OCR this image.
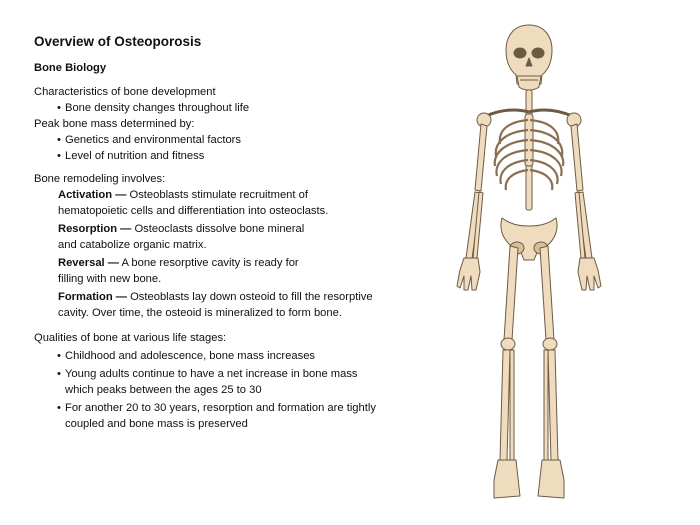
Overview of Osteoporosis
Bone Biology

Characteristics of bone development

• Bone density changes throughout life

Peak bone mass determined by:

• Genetics and environmental factors
• Level of nutrition and fitness

Bone remodeling involves:

Activation — Osteoblasts stimulate recruitment of
hematopoietic cells and differentiation into osteoclasts.

Resorption — Osteoclasts dissolve bone mineral
and catabolize organic matrix.

Reversal — A bone resorptive cavity is ready for
filling with new bone.

Formation — Osteoblasts lay down osteoid to fill the resorptive
cavity. Over time, the osteoid is mineralized to form bone.

Qualities of bone at various life stages:

• Childhood and adolescence, bone mass increases
• Young adults continue to have a net increase in bone mass
which peaks between the ages 25 to 30
• For another 20 to 30 years, resorption and formation are tightly
coupled and bone mass is preserved
